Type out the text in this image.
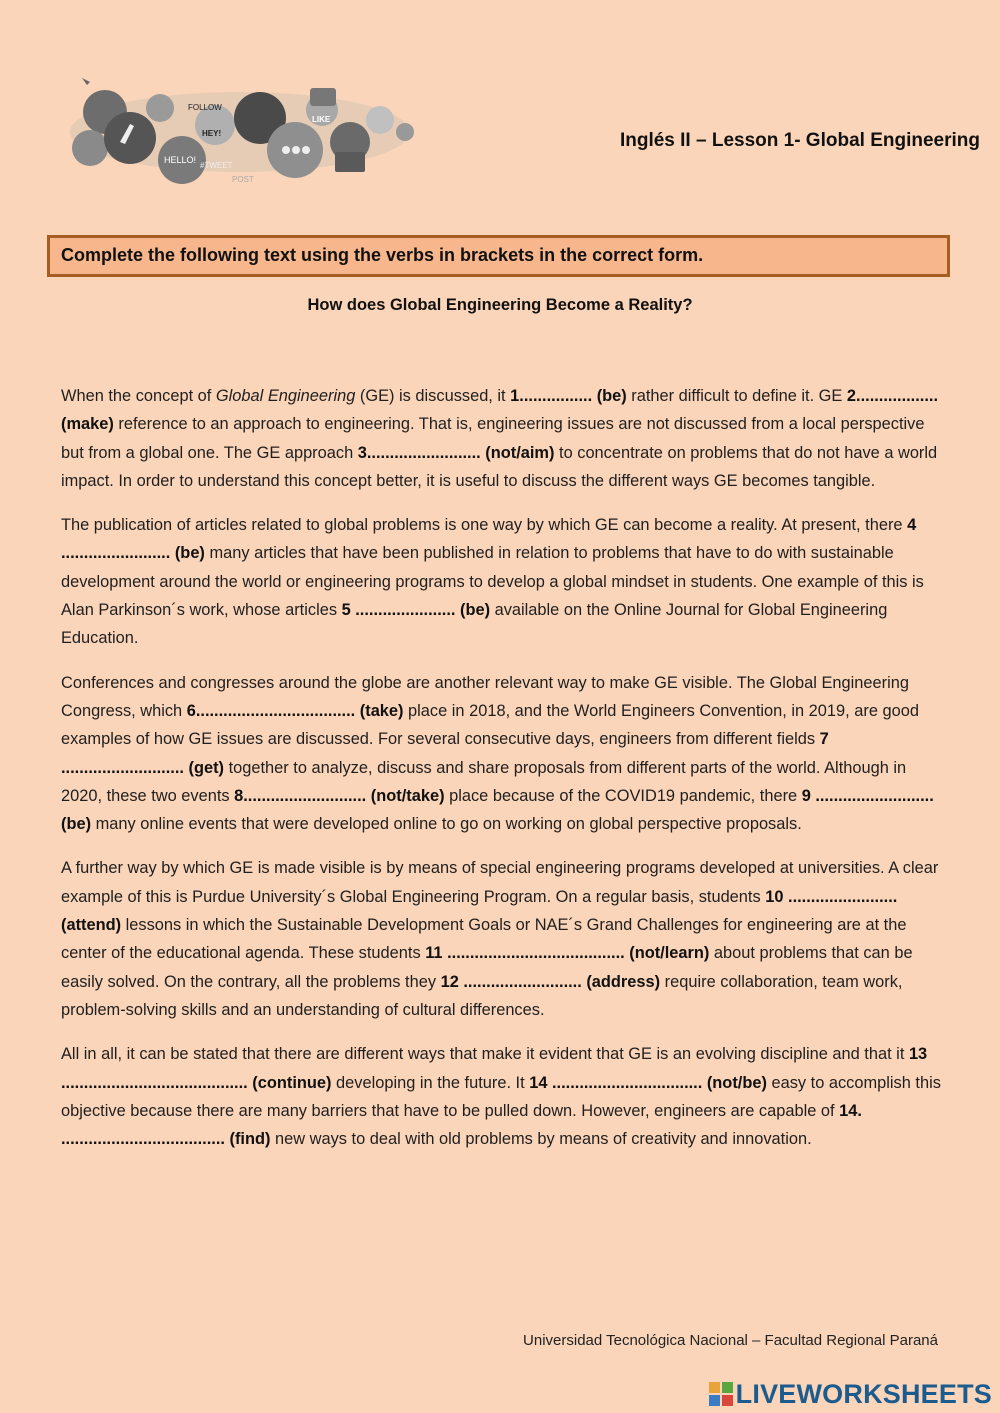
FOLLOW
HEY!
LIKE
HELLO!
#TWEET
POST
Inglés II – Lesson 1- Global Engineering
Complete the following text using the verbs in brackets in the correct form.
How does Global Engineering Become a Reality?

When the concept of Global Engineering (GE) is discussed, it 1................ (be) rather difficult to define it. GE 2.................. (make) reference to an approach to engineering. That is, engineering issues are not discussed from a local perspective but from a global one. The GE approach 3......................... (not/aim) to concentrate on problems that do not have a world impact. In order to understand this concept better, it is useful to discuss the different ways GE becomes tangible.

The publication of articles related to global problems is one way by which GE can become a reality. At present, there 4 ........................ (be) many articles that have been published in relation to problems that have to do with sustainable development around the world or engineering programs to develop a global mindset in students. One example of this is Alan Parkinson´s work, whose articles 5 ...................... (be) available on the Online Journal for Global Engineering Education.

Conferences and congresses around the globe are another relevant way to make GE visible. The Global Engineering Congress, which 6................................... (take) place in 2018, and the World Engineers Convention, in 2019, are good examples of how GE issues are discussed. For several consecutive days, engineers from different fields 7 ........................... (get) together to analyze, discuss and share proposals from different parts of the world. Although in 2020, these two events 8........................... (not/take) place because of the COVID19 pandemic, there 9 .......................... (be) many online events that were developed online to go on working on global perspective proposals.

A further way by which GE is made visible is by means of special engineering programs developed at universities. A clear example of this is Purdue University´s Global Engineering Program. On a regular basis, students 10 ........................ (attend) lessons in which the Sustainable Development Goals or NAE´s Grand Challenges for engineering are at the center of the educational agenda. These students 11 ....................................... (not/learn) about problems that can be easily solved. On the contrary, all the problems they 12 .......................... (address) require collaboration, team work, problem-solving skills and an understanding of cultural differences.

All in all, it can be stated that there are different ways that make it evident that GE is an evolving discipline and that it 13 ......................................... (continue) developing in the future. It 14 ................................. (not/be) easy to accomplish this objective because there are many barriers that have to be pulled down. However, engineers are capable of 14. .................................... (find) new ways to deal with old problems by means of creativity and innovation.

Universidad Tecnológica Nacional – Facultad Regional Paraná
LIVEWORKSHEETS
